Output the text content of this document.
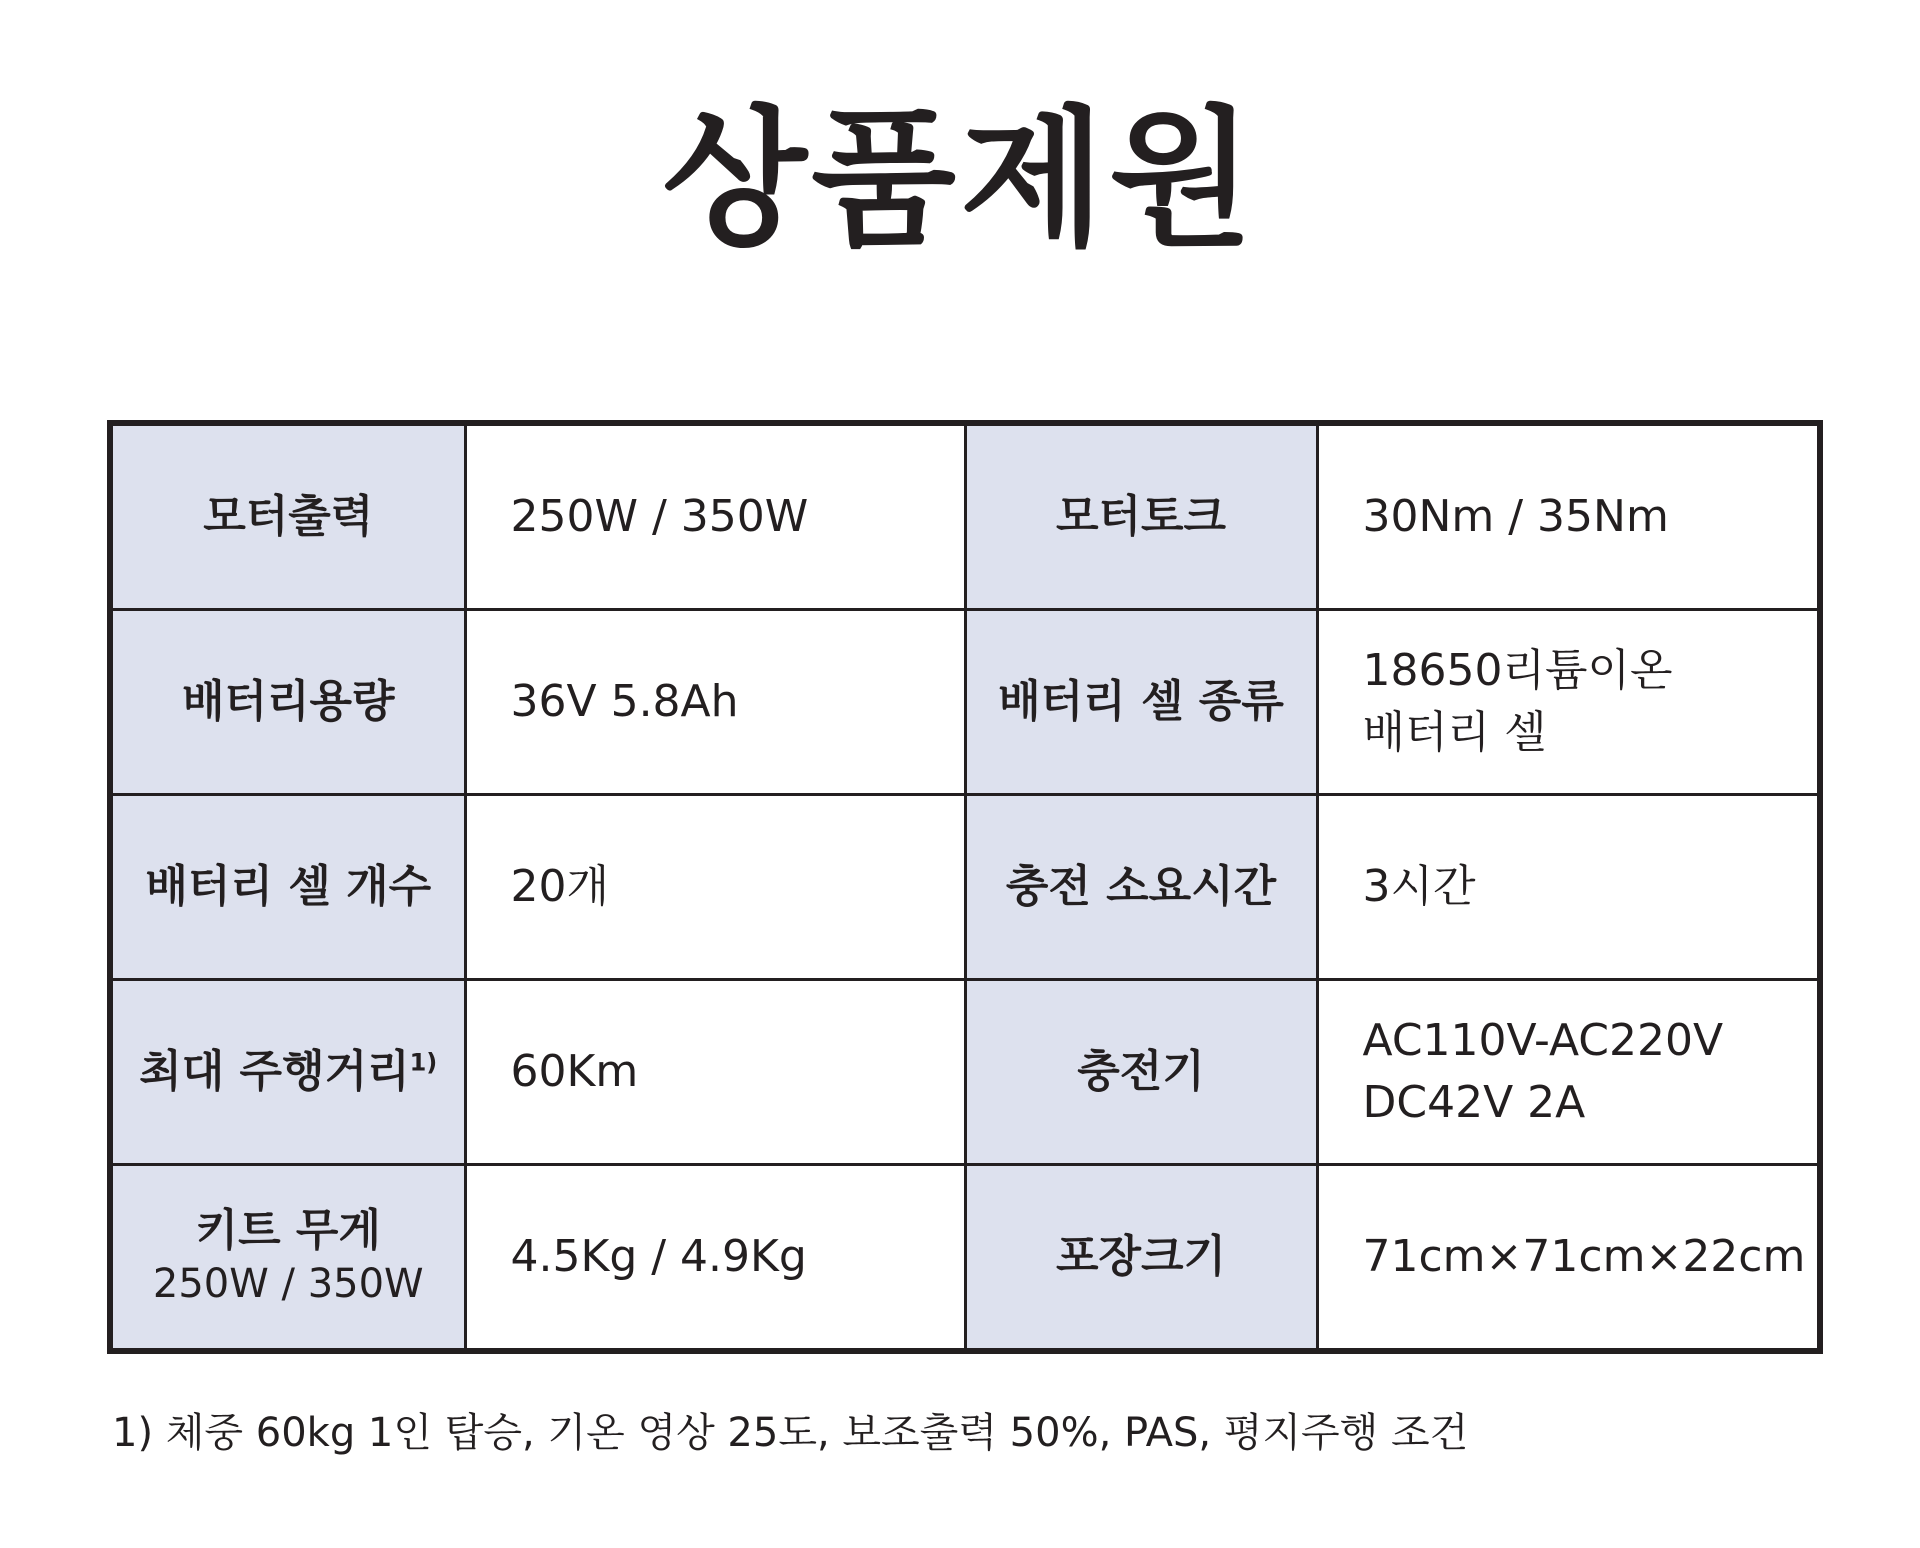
상품제원
모터출력	250W / 350W	모터토크	30Nm / 35Nm
배터리용량	36V 5.8Ah	배터리 셀 종류	18650리튬이온
배터리 셀

배터리 셀 개수	20개	충전 소요시간	3시간
최대 주행거리$^{1)}$	60Km	충전기	AC110V-AC220V
DC42V 2A

키트 무게
250W / 350W	4.5Kg / 4.9Kg	포장크기	71cm×71cm×22cm
1) 체중 60kg 1인 탑승, 기온 영상 25도, 보조출력 50%, PAS, 평지주행 조건
